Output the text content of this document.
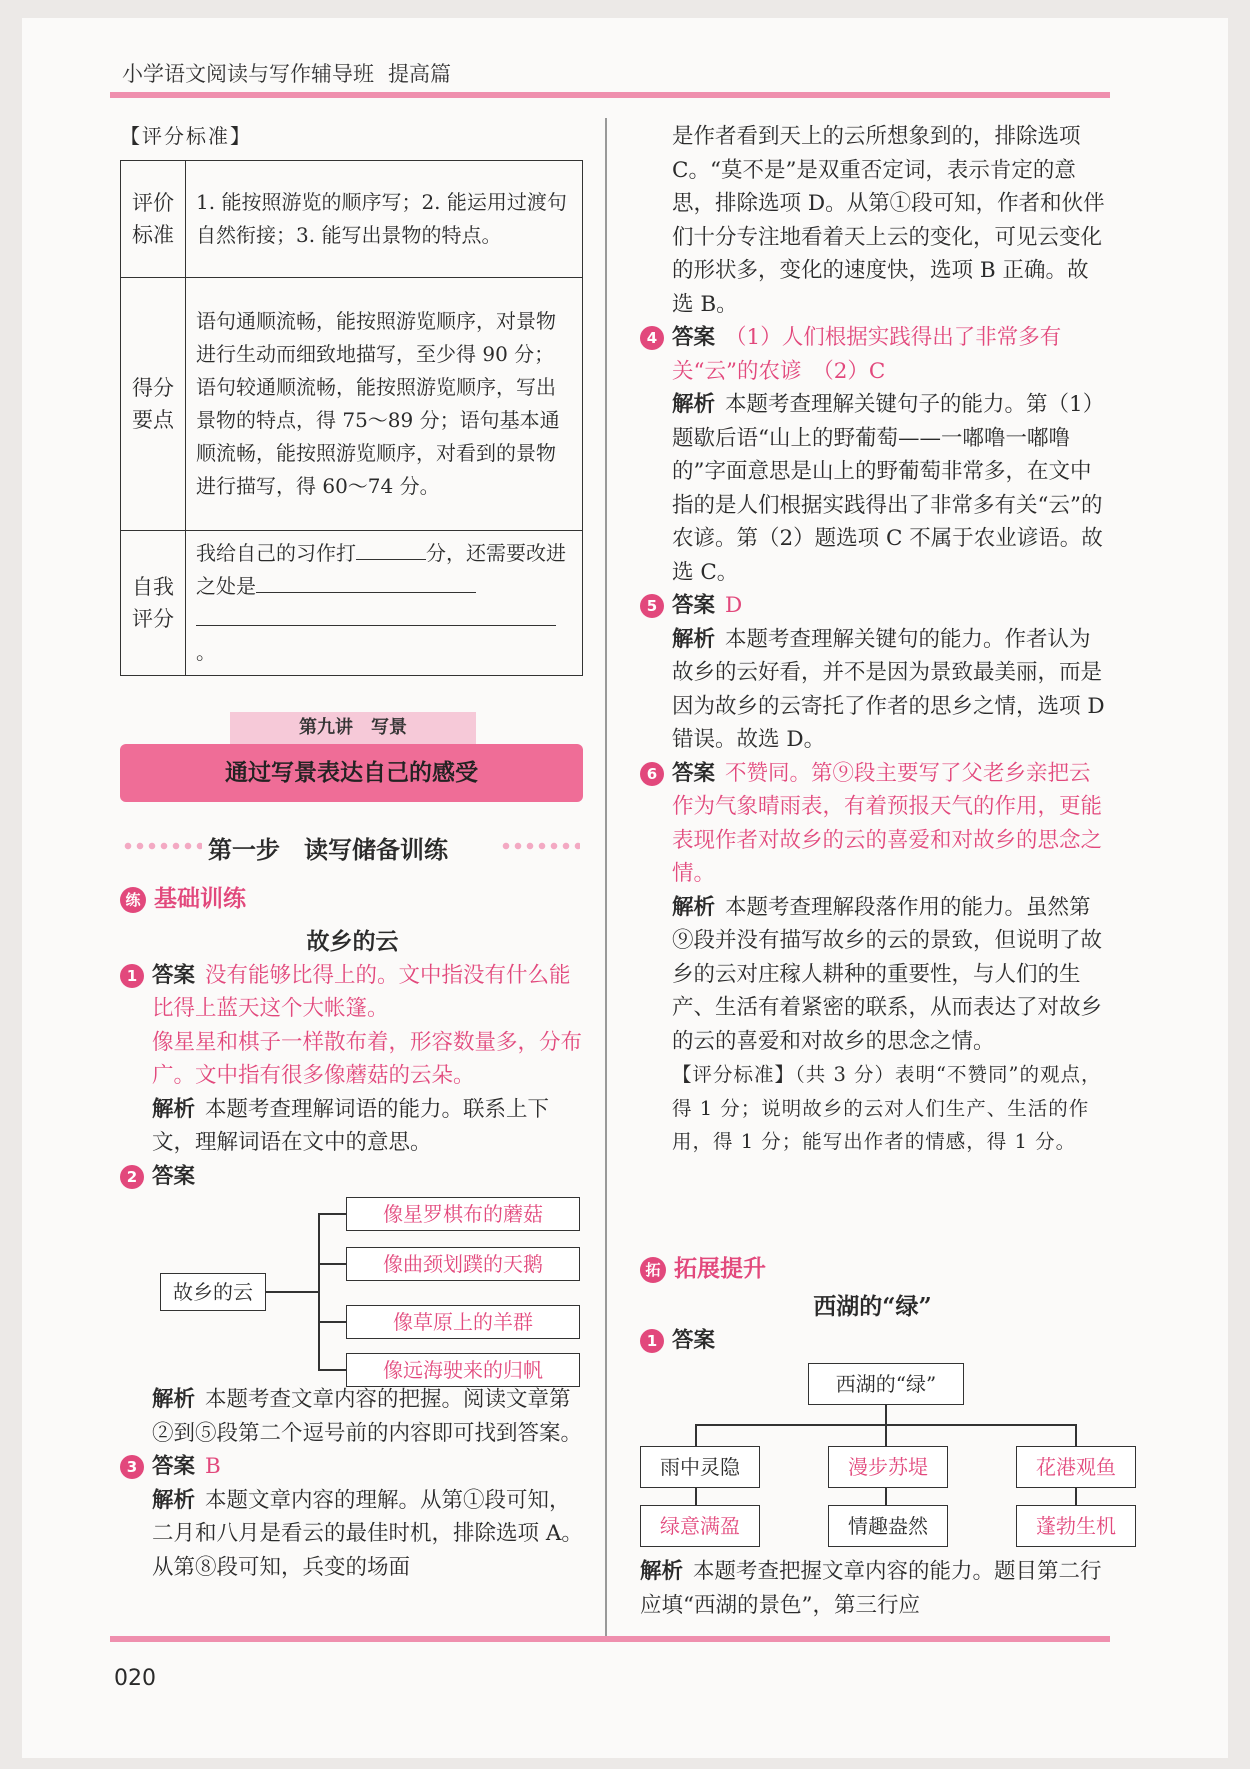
小学语文阅读与写作辅导班 提高篇
【评分标准】
评价
标准	1. 能按照游览的顺序写；2. 能运用过渡句自然衔接；3. 能写出景物的特点。
得分
要点	语句通顺流畅，能按照游览顺序，对景物进行生动而细致地描写，至少得 90 分；语句较通顺流畅，能按照游览顺序，写出景物的特点，得 75～89 分；语句基本通顺流畅，能按照游览顺序，对看到的景物进行描写，得 60～74 分。
自我
评分	我给自己的习作打 分，还需要改进之处是
。
第九讲　写景
通过写景表达自己的感受
第一步　读写储备训练
练 基础训练
故乡的云
1 答案 没有能够比得上的。文中指没有什么能比得上蓝天这个大帐篷。
像星星和棋子一样散布着，形容数量多，分布广。文中指有很多像蘑菇的云朵。
解析 本题考查理解词语的能力。联系上下文，理解词语在文中的意思。
2 答案
故乡的云
像星罗棋布的蘑菇
像曲颈划蹼的天鹅
像草原上的羊群
像远海驶来的归帆
解析 本题考查文章内容的把握。阅读文章第②到⑤段第二个逗号前的内容即可找到答案。
3 答案 B
解析 本题文章内容的理解。从第①段可知，二月和八月是看云的最佳时机，排除选项 A。从第⑧段可知，兵变的场面
是作者看到天上的云所想象到的，排除选项 C。“莫不是”是双重否定词，表示肯定的意思，排除选项 D。从第①段可知，作者和伙伴们十分专注地看着天上云的变化，可见云变化的形状多，变化的速度快，选项 B 正确。故选 B。
4 答案 （1）人们根据实践得出了非常多有关“云”的农谚　（2）C
解析 本题考查理解关键句子的能力。第（1）题歇后语“山上的野葡萄——一嘟噜一嘟噜的”字面意思是山上的野葡萄非常多，在文中指的是人们根据实践得出了非常多有关“云”的农谚。第（2）题选项 C 不属于农业谚语。故选 C。
5 答案 D
解析 本题考查理解关键句的能力。作者认为故乡的云好看，并不是因为景致最美丽，而是因为故乡的云寄托了作者的思乡之情，选项 D 错误。故选 D。
6 答案 不赞同。第⑨段主要写了父老乡亲把云作为气象晴雨表，有着预报天气的作用，更能表现作者对故乡的云的喜爱和对故乡的思念之情。
解析 本题考查理解段落作用的能力。虽然第⑨段并没有描写故乡的云的景致，但说明了故乡的云对庄稼人耕种的重要性，与人们的生产、生活有着紧密的联系，从而表达了对故乡的云的喜爱和对故乡的思念之情。
【评分标准】（共 3 分）表明“不赞同”的观点，得 1 分；说明故乡的云对人们生产、生活的作用，得 1 分；能写出作者的情感，得 1 分。
拓 拓展提升
西湖的“绿”
1 答案
西湖的“绿”
雨中灵隐	漫步苏堤	花港观鱼
绿意满盈	情趣盎然	蓬勃生机
解析 本题考查把握文章内容的能力。题目第二行应填“西湖的景色”，第三行应
020
